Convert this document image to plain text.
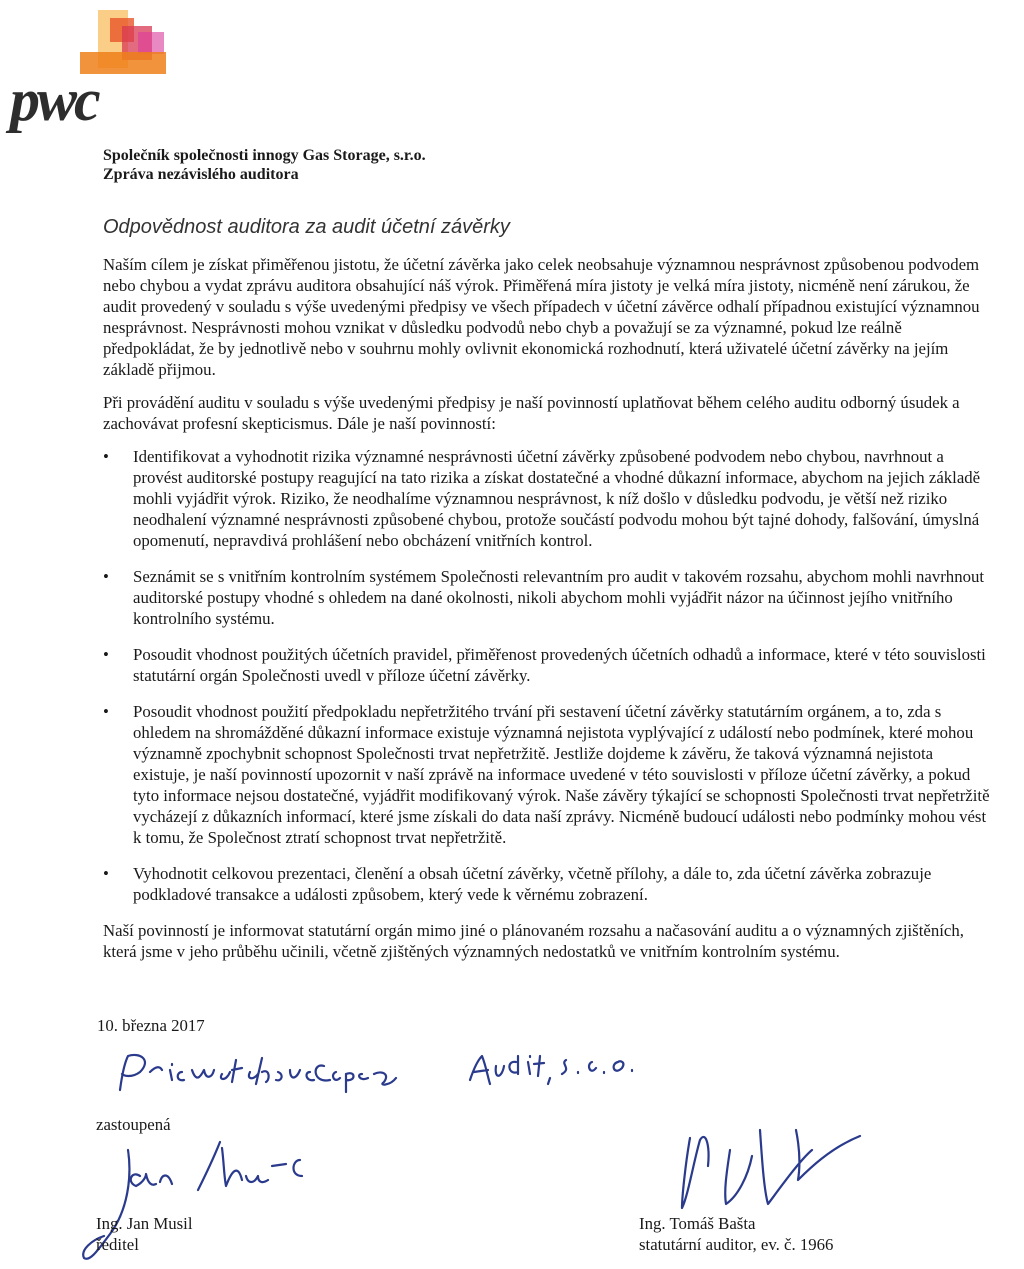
pwc
Společník společnosti innogy Gas Storage, s.r.o.
Zpráva nezávislého auditora
Odpovědnost auditora za audit účetní závěrky

Naším cílem je získat přiměřenou jistotu, že účetní závěrka jako celek neobsahuje významnou nesprávnost způsobenou podvodem nebo chybou a vydat zprávu auditora obsahující náš výrok. Přiměřená míra jistoty je velká míra jistoty, nicméně není zárukou, že audit provedený v souladu s výše uvedenými předpisy ve všech případech v účetní závěrce odhalí případnou existující významnou nesprávnost. Nesprávnosti mohou vznikat v důsledku podvodů nebo chyb a považují se za významné, pokud lze reálně předpokládat, že by jednotlivě nebo v souhrnu mohly ovlivnit ekonomická rozhodnutí, která uživatelé účetní závěrky na jejím základě přijmou.

Při provádění auditu v souladu s výše uvedenými předpisy je naší povinností uplatňovat během celého auditu odborný úsudek a zachovávat profesní skepticismus. Dále je naší povinností:

• Identifikovat a vyhodnotit rizika významné nesprávnosti účetní závěrky způsobené podvodem nebo chybou, navrhnout a provést auditorské postupy reagující na tato rizika a získat dostatečné a vhodné důkazní informace, abychom na jejich základě mohli vyjádřit výrok. Riziko, že neodhalíme významnou nesprávnost, k níž došlo v důsledku podvodu, je větší než riziko neodhalení významné nesprávnosti způsobené chybou, protože součástí podvodu mohou být tajné dohody, falšování, úmyslná opomenutí, nepravdivá prohlášení nebo obcházení vnitřních kontrol.
• Seznámit se s vnitřním kontrolním systémem Společnosti relevantním pro audit v takovém rozsahu, abychom mohli navrhnout auditorské postupy vhodné s ohledem na dané okolnosti, nikoli abychom mohli vyjádřit názor na účinnost jejího vnitřního kontrolního systému.
• Posoudit vhodnost použitých účetních pravidel, přiměřenost provedených účetních odhadů a informace, které v této souvislosti statutární orgán Společnosti uvedl v příloze účetní závěrky.
• Posoudit vhodnost použití předpokladu nepřetržitého trvání při sestavení účetní závěrky statutárním orgánem, a to, zda s ohledem na shromážděné důkazní informace existuje významná nejistota vyplývající z událostí nebo podmínek, které mohou významně zpochybnit schopnost Společnosti trvat nepřetržitě. Jestliže dojdeme k závěru, že taková významná nejistota existuje, je naší povinností upozornit v naší zprávě na informace uvedené v této souvislosti v příloze účetní závěrky, a pokud tyto informace nejsou dostatečné, vyjádřit modifikovaný výrok. Naše závěry týkající se schopnosti Společnosti trvat nepřetržitě vycházejí z důkazních informací, které jsme získali do data naší zprávy. Nicméně budoucí události nebo podmínky mohou vést k tomu, že Společnost ztratí schopnost trvat nepřetržitě.
• Vyhodnotit celkovou prezentaci, členění a obsah účetní závěrky, včetně přílohy, a dále to, zda účetní závěrka zobrazuje podkladové transakce a události způsobem, který vede k věrnému zobrazení.

Naší povinností je informovat statutární orgán mimo jiné o plánovaném rozsahu a načasování auditu a o významných zjištěních, která jsme v jeho průběhu učinili, včetně zjištěných významných nedostatků ve vnitřním kontrolním systému.

10. března 2017
zastoupená
Ing. Jan Musil
ředitel
Ing. Tomáš Bašta
statutární auditor, ev. č. 1966
